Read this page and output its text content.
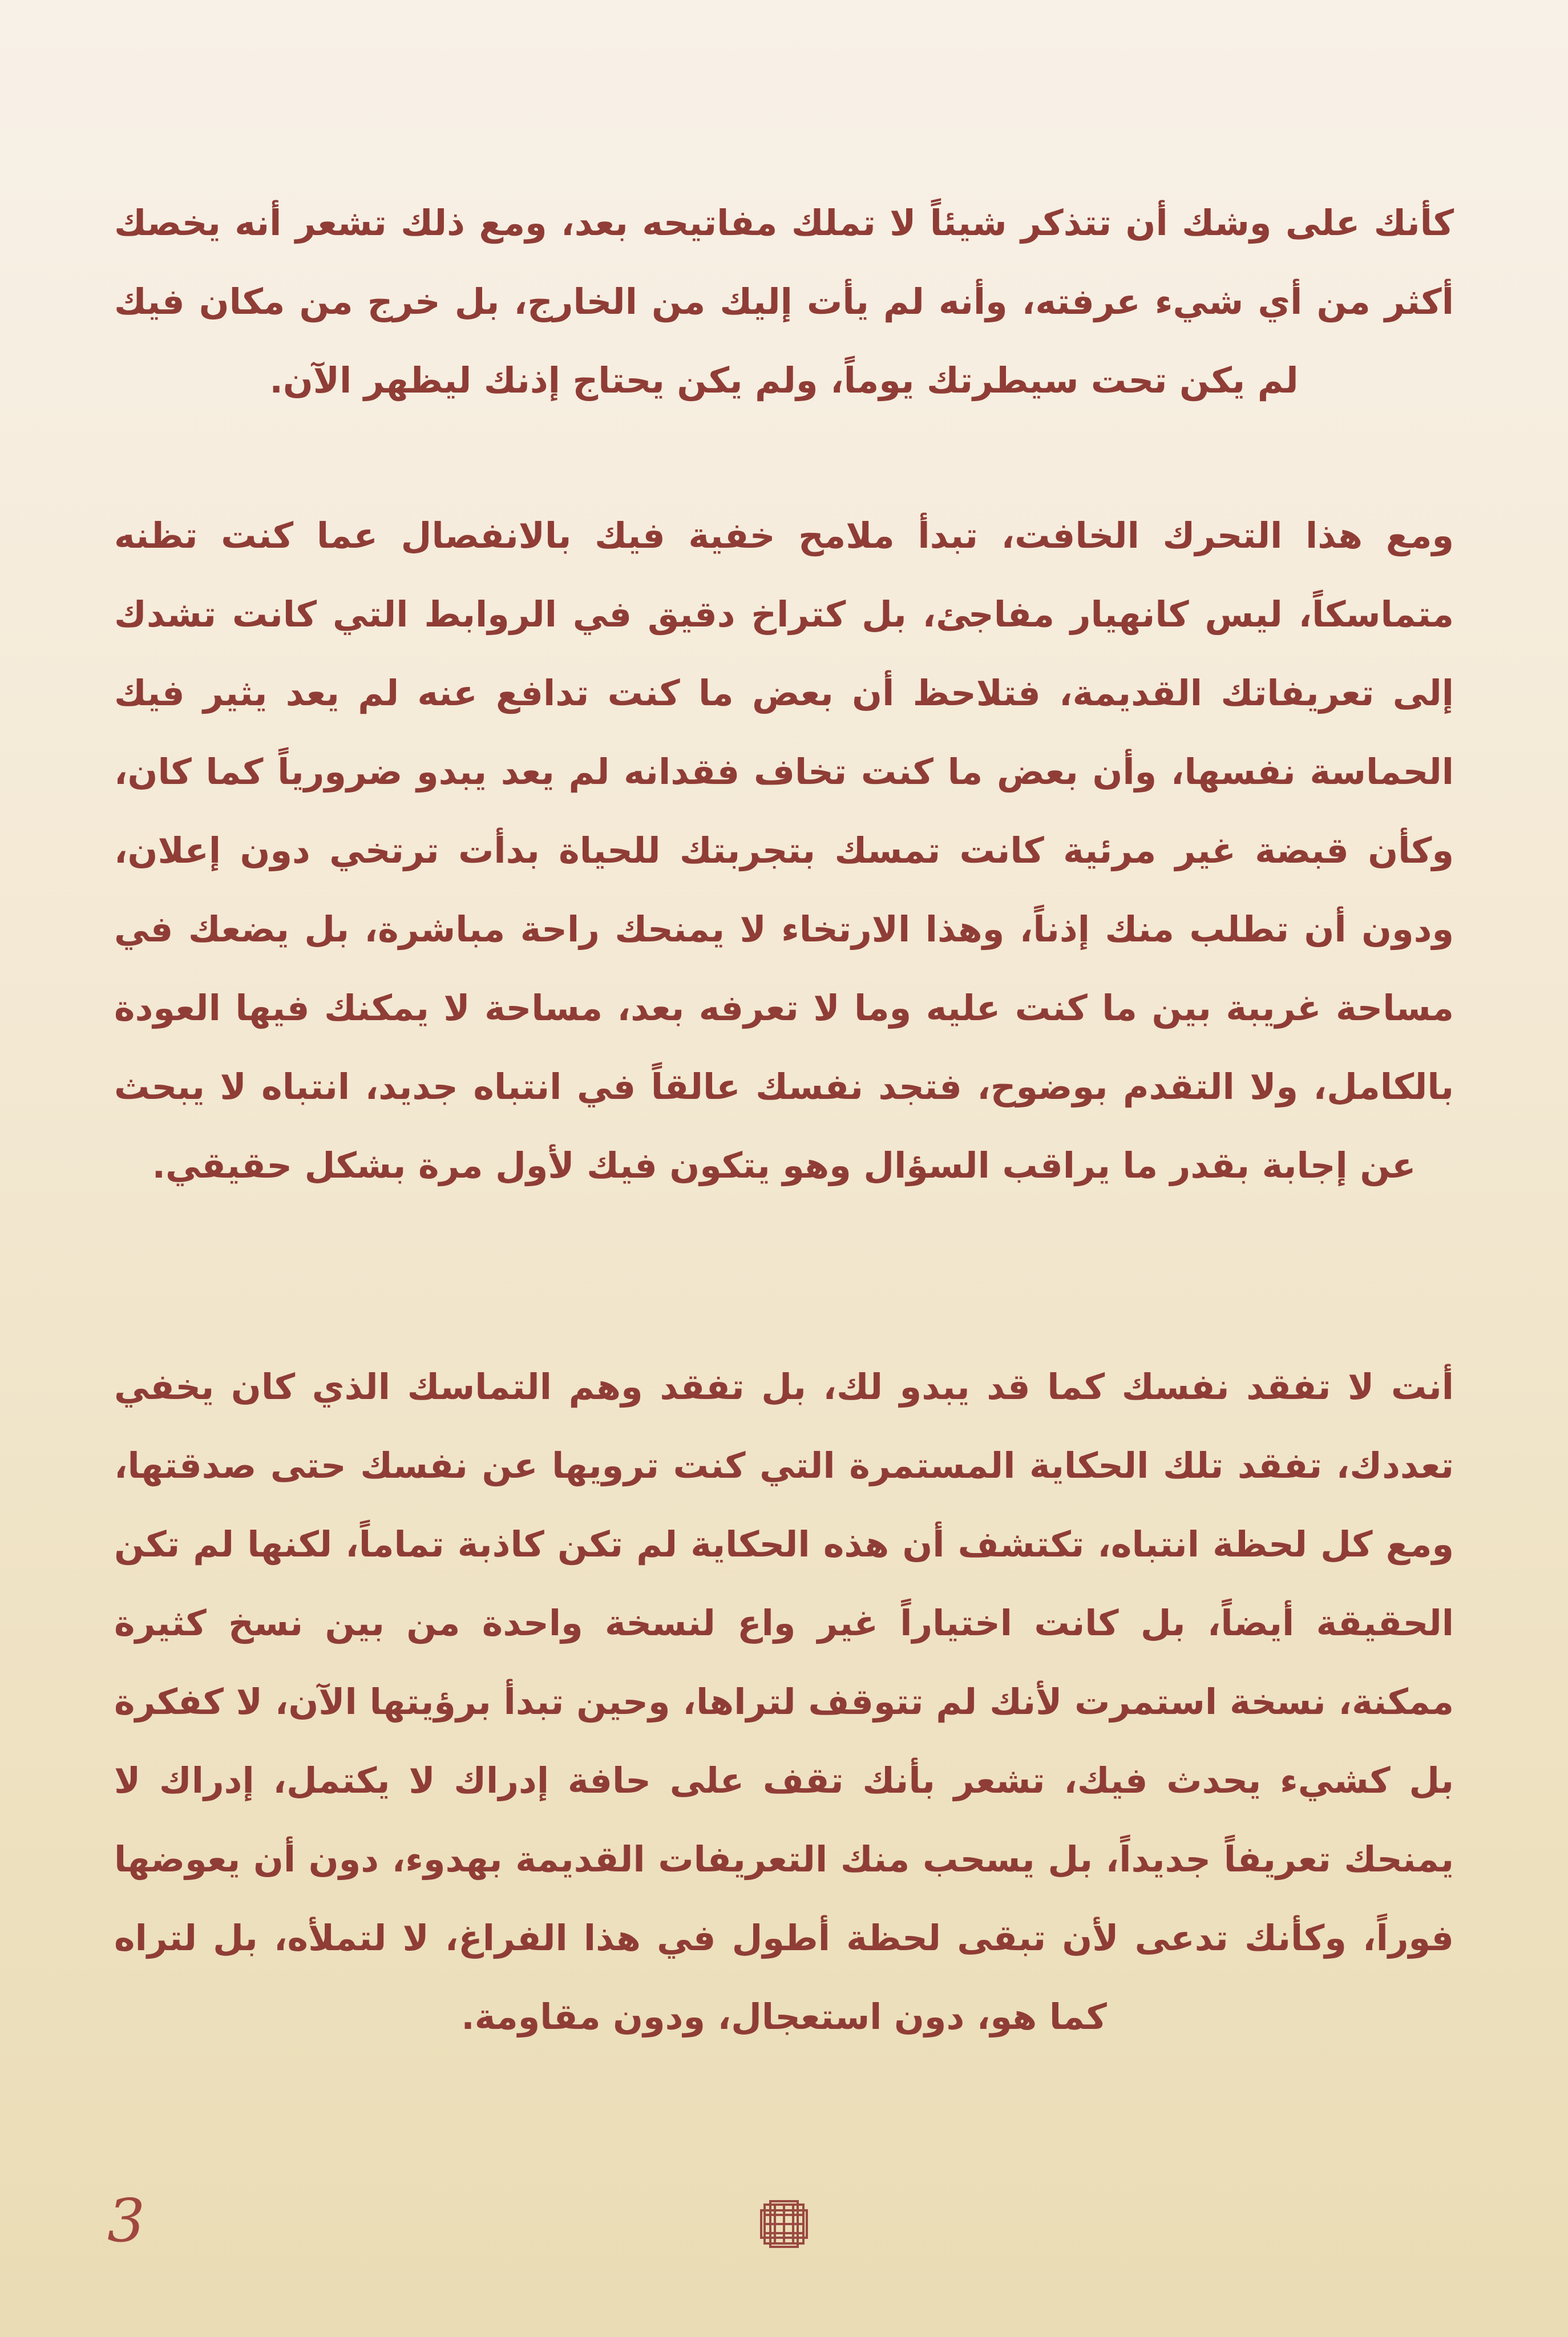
كأنك على وشك أن تتذكر شيئاً لا تملك مفاتيحه بعد، ومع ذلك تشعر أنه يخصك أكثر من أي شيء عرفته، وأنه لم يأت إليك من الخارج، بل خرج من مكان فيك لم يكن تحت سيطرتك يوماً، ولم يكن يحتاج إذنك ليظهر الآن.

ومع هذا التحرك الخافت، تبدأ ملامح خفية فيك بالانفصال عما كنت تظنه متماسكاً، ليس كانهيار مفاجئ، بل كتراخ دقيق في الروابط التي كانت تشدك إلى تعريفاتك القديمة، فتلاحظ أن بعض ما كنت تدافع عنه لم يعد يثير فيك الحماسة نفسها، وأن بعض ما كنت تخاف فقدانه لم يعد يبدو ضرورياً كما كان، وكأن قبضة غير مرئية كانت تمسك بتجربتك للحياة بدأت ترتخي دون إعلان، ودون أن تطلب منك إذناً، وهذا الارتخاء لا يمنحك راحة مباشرة، بل يضعك في مساحة غريبة بين ما كنت عليه وما لا تعرفه بعد، مساحة لا يمكنك فيها العودة بالكامل، ولا التقدم بوضوح، فتجد نفسك عالقاً في انتباه جديد، انتباه لا يبحث عن إجابة بقدر ما يراقب السؤال وهو يتكون فيك لأول مرة بشكل حقيقي.

أنت لا تفقد نفسك كما قد يبدو لك، بل تفقد وهم التماسك الذي كان يخفي تعددك، تفقد تلك الحكاية المستمرة التي كنت ترويها عن نفسك حتى صدقتها، ومع كل لحظة انتباه، تكتشف أن هذه الحكاية لم تكن كاذبة تماماً، لكنها لم تكن الحقيقة أيضاً، بل كانت اختياراً غير واع لنسخة واحدة من بين نسخ كثيرة ممكنة، نسخة استمرت لأنك لم تتوقف لتراها، وحين تبدأ برؤيتها الآن، لا كفكرة بل كشيء يحدث فيك، تشعر بأنك تقف على حافة إدراك لا يكتمل، إدراك لا يمنحك تعريفاً جديداً، بل يسحب منك التعريفات القديمة بهدوء، دون أن يعوضها فوراً، وكأنك تدعى لأن تبقى لحظة أطول في هذا الفراغ، لا لتملأه، بل لتراه كما هو، دون استعجال، ودون مقاومة.

3
